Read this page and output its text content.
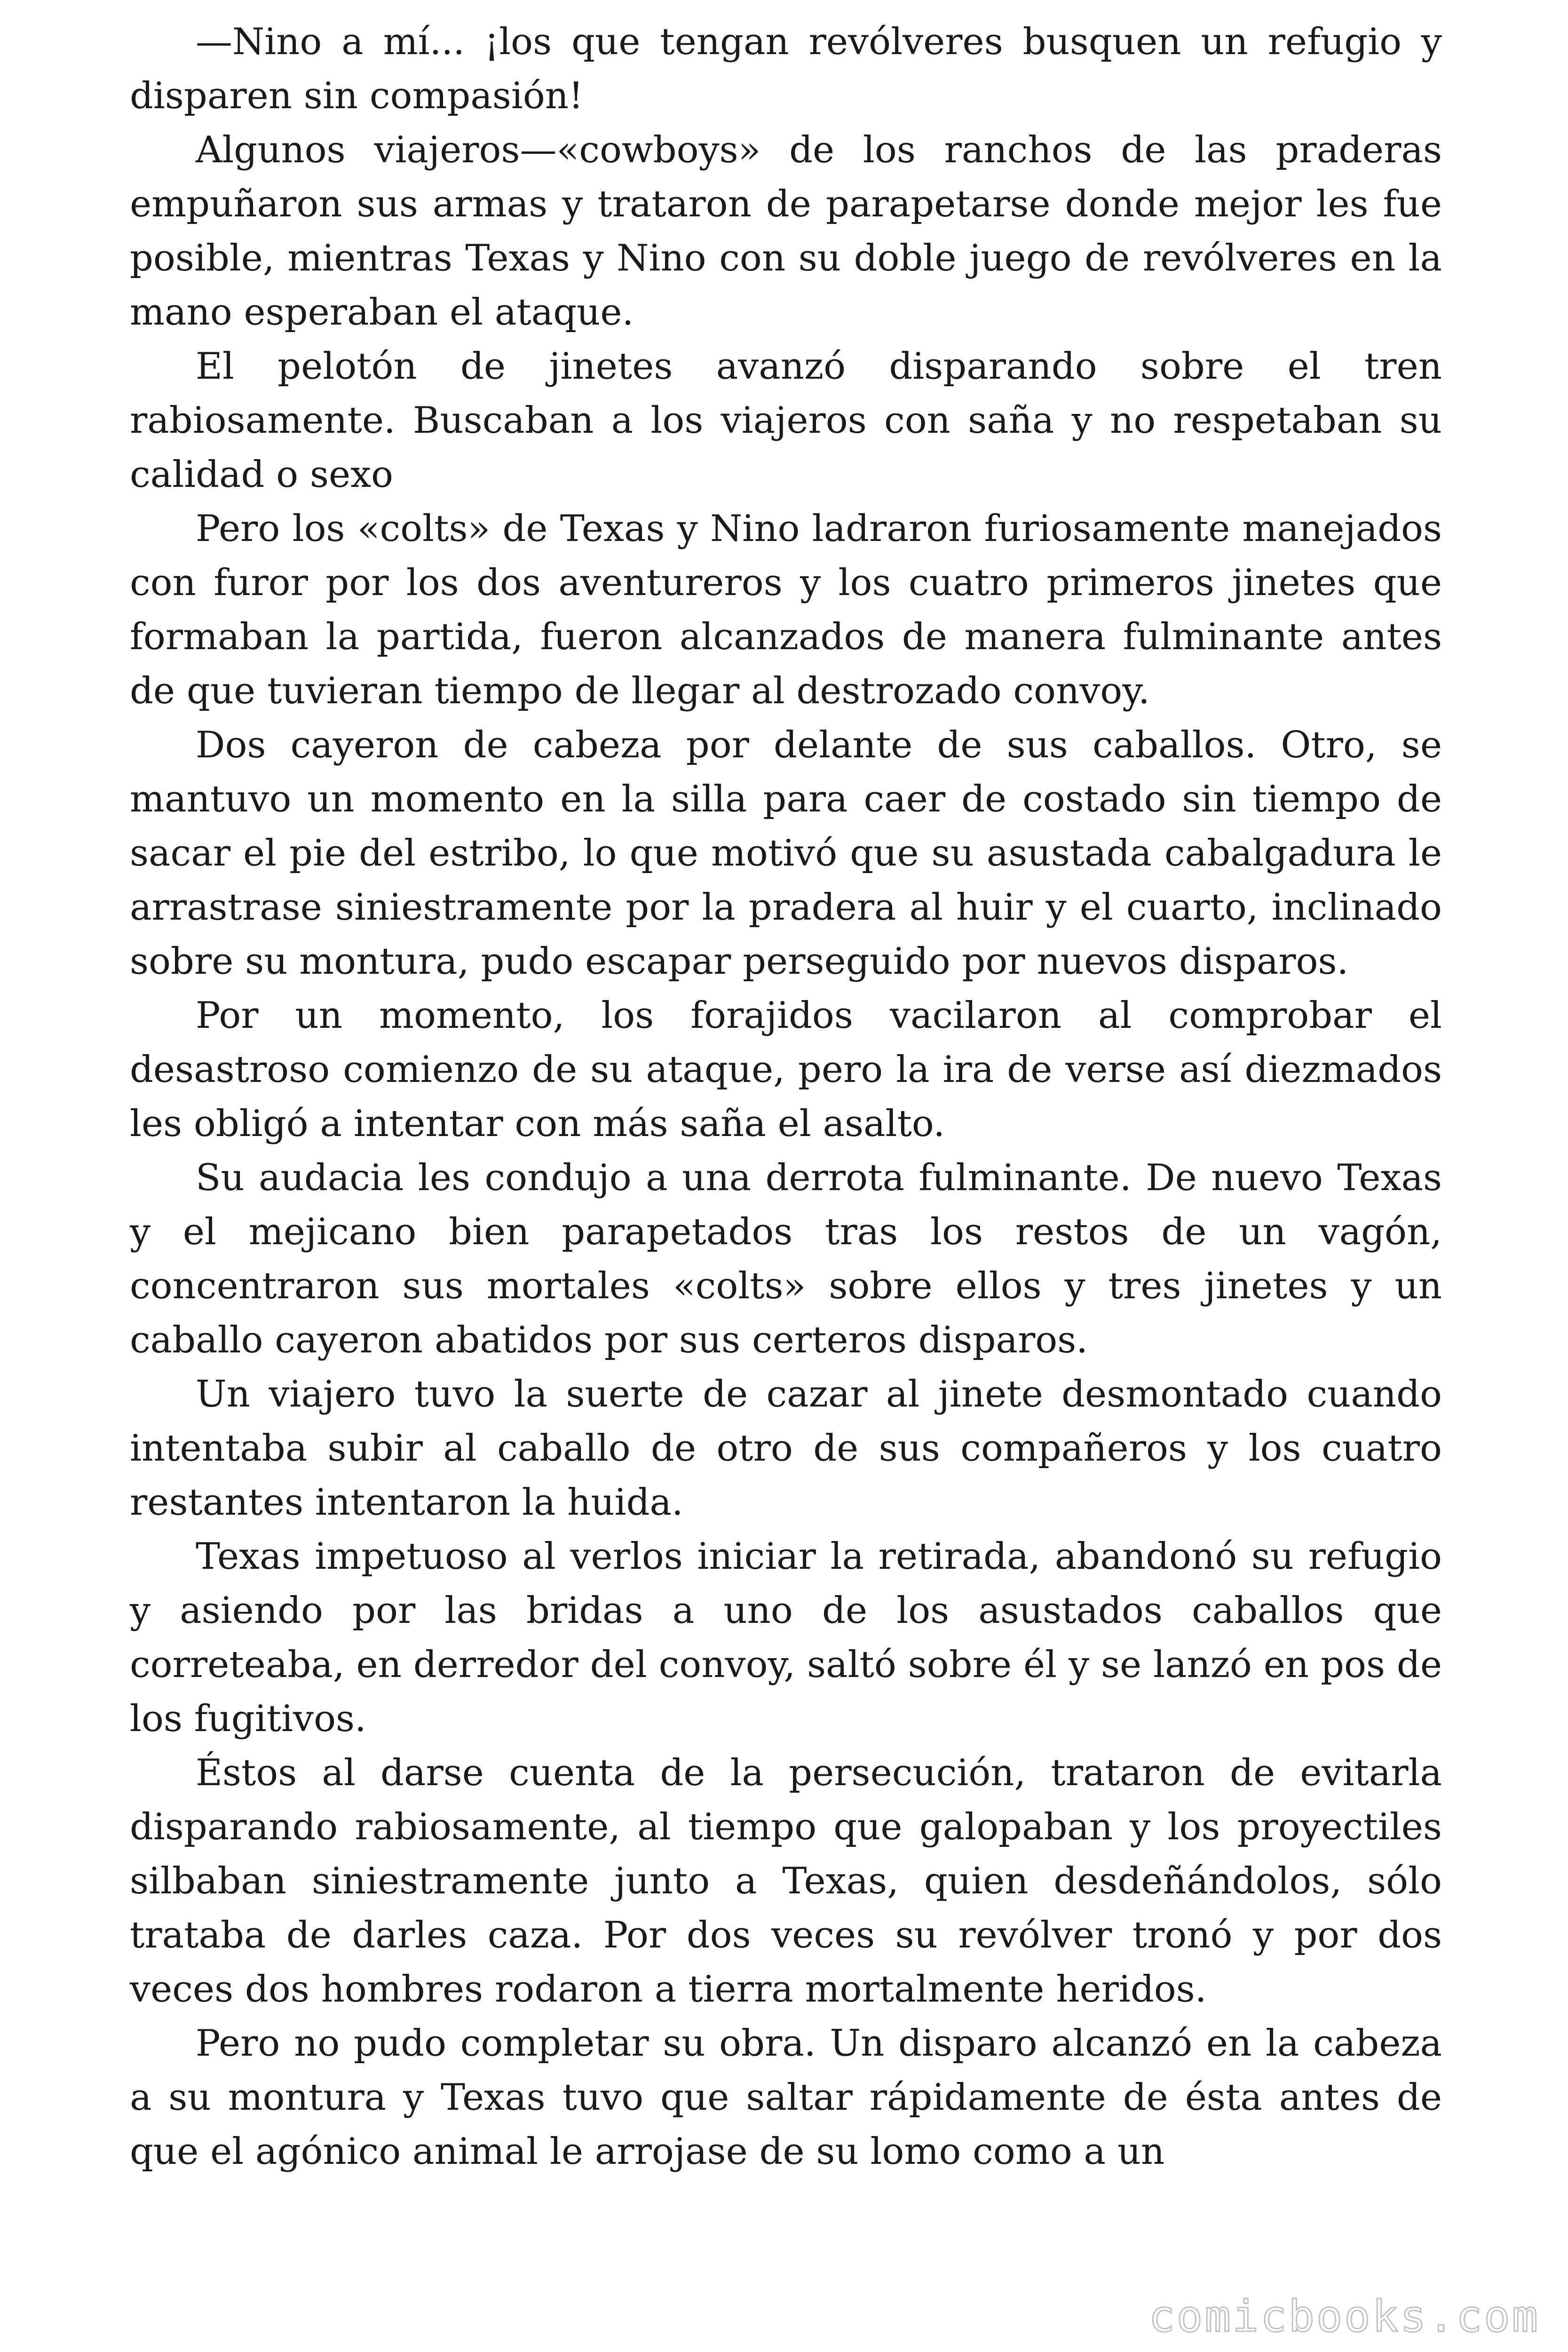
—Nino a mí... ¡los que tengan revólveres busquen un refugio y disparen sin compasión!

Algunos viajeros—«cowboys» de los ranchos de las praderas empuñaron sus armas y trataron de parapetarse donde mejor les fue posible, mientras Texas y Nino con su doble juego de revólveres en la mano esperaban el ataque.

El pelotón de jinetes avanzó disparando sobre el tren rabiosamente. Buscaban a los viajeros con saña y no respetaban su calidad o sexo

Pero los «colts» de Texas y Nino ladraron furiosamente manejados con furor por los dos aventureros y los cuatro primeros jinetes que formaban la partida, fueron alcanzados de manera fulminante antes de que tuvieran tiempo de llegar al destrozado convoy.

Dos cayeron de cabeza por delante de sus caballos. Otro, se mantuvo un momento en la silla para caer de costado sin tiempo de sacar el pie del estribo, lo que motivó que su asustada cabalgadura le arrastrase siniestramente por la pradera al huir y el cuarto, inclinado sobre su montura, pudo escapar perseguido por nuevos disparos.

Por un momento, los forajidos vacilaron al comprobar el desastroso comienzo de su ataque, pero la ira de verse así diezmados les obligó a intentar con más saña el asalto.

Su audacia les condujo a una derrota fulminante. De nuevo Texas y el mejicano bien parapetados tras los restos de un vagón, concentraron sus mortales «colts» sobre ellos y tres jinetes y un caballo cayeron abatidos por sus certeros disparos.

Un viajero tuvo la suerte de cazar al jinete desmontado cuando intentaba subir al caballo de otro de sus compañeros y los cuatro restantes intentaron la huida.

Texas impetuoso al verlos iniciar la retirada, abandonó su refugio y asiendo por las bridas a uno de los asustados caballos que correteaba, en derredor del convoy, saltó sobre él y se lanzó en pos de los fugitivos.

Éstos al darse cuenta de la persecución, trataron de evitarla disparando rabiosamente, al tiempo que galopaban y los proyectiles silbaban siniestramente junto a Texas, quien desdeñándolos, sólo trataba de darles caza. Por dos veces su revólver tronó y por dos veces dos hombres rodaron a tierra mortalmente heridos.

Pero no pudo completar su obra. Un disparo alcanzó en la cabeza a su montura y Texas tuvo que saltar rápidamente de ésta antes de que el agónico animal le arrojase de su lomo como a un

comicbooks.com
